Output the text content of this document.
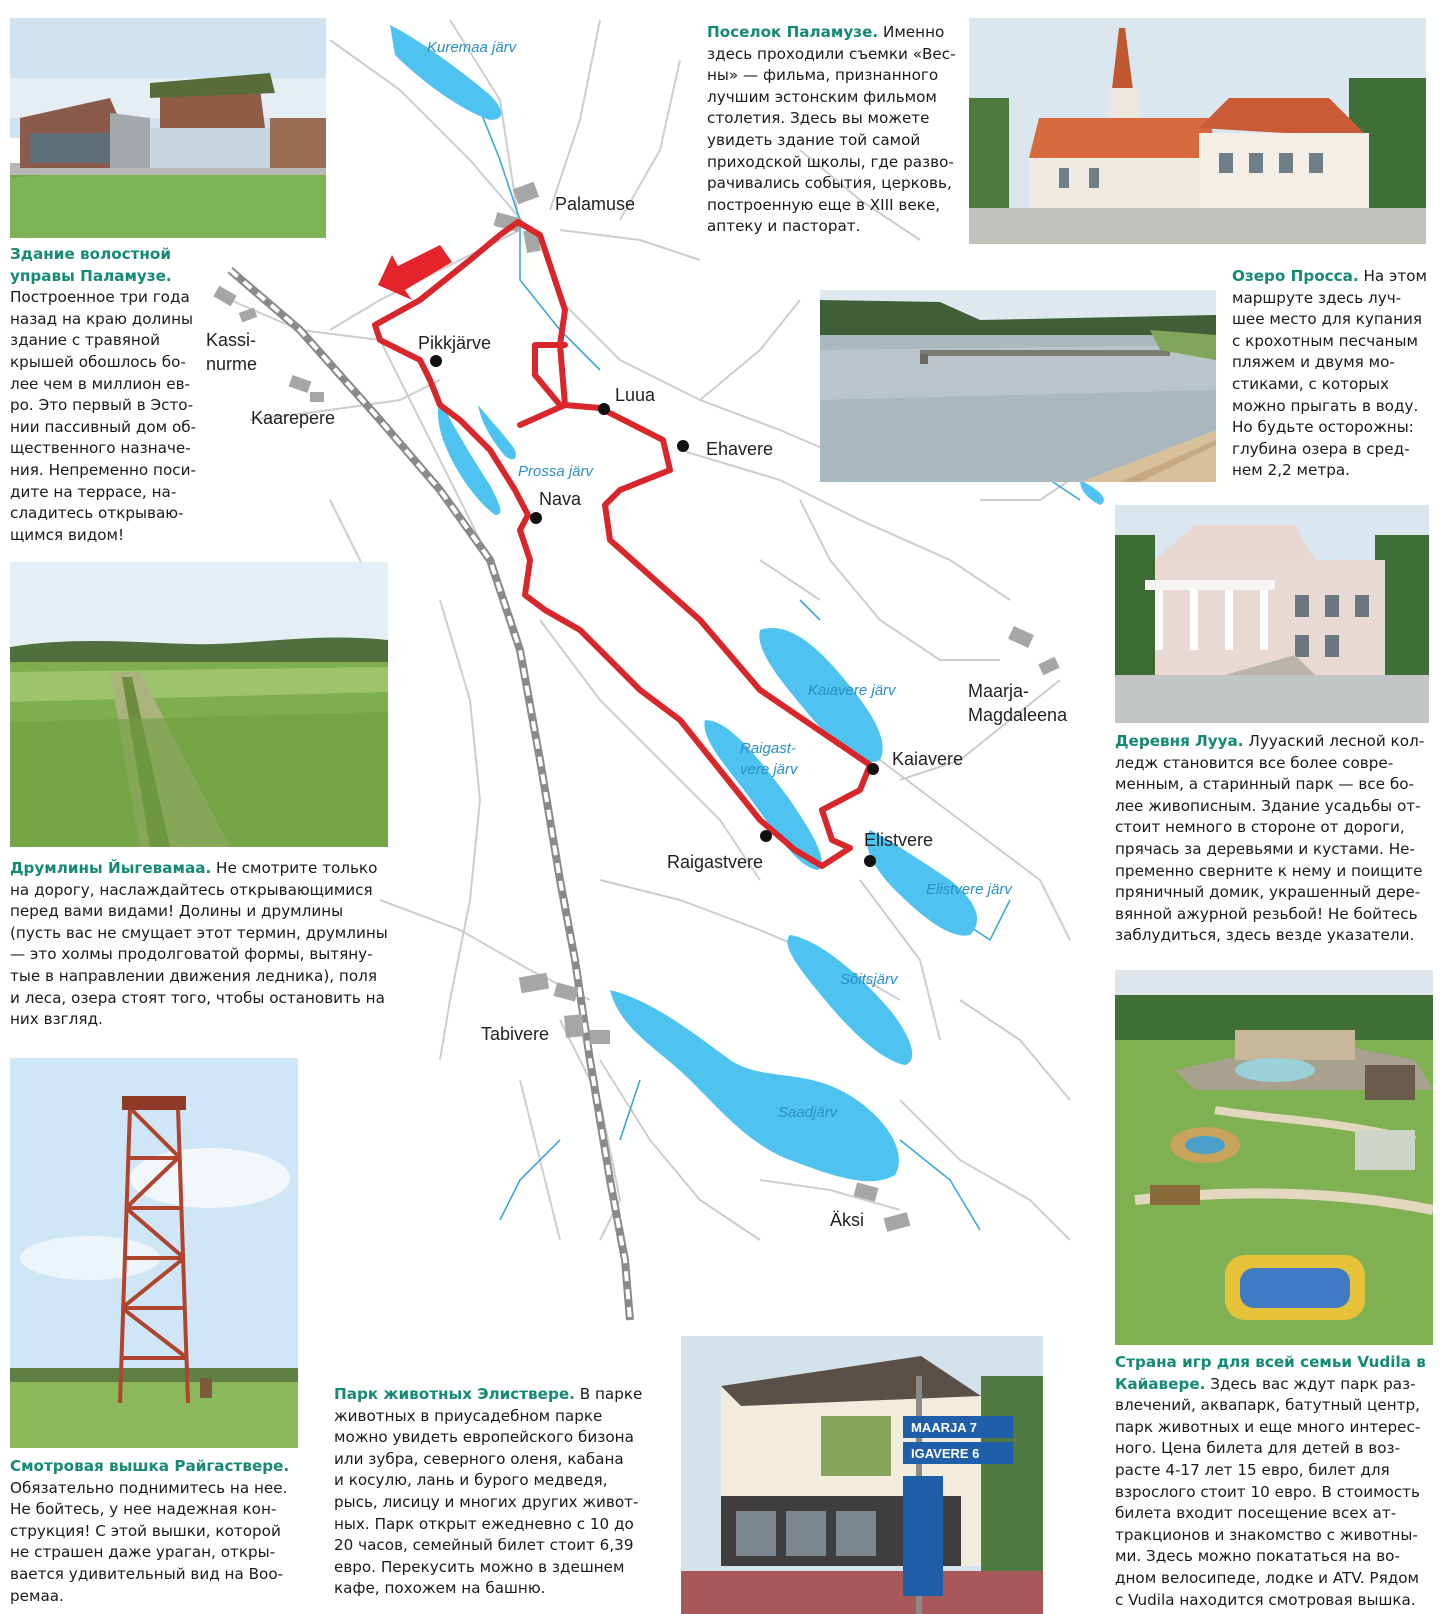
Palamuse
Kassi-
nurme
Kaarepere
Pikkjärve
Luua
Ehavere
Nava
Maarja-
Magdaleena
Kaiavere
Elistvere
Raigastvere
Tabivere
Äksi
Kuremaa järv
Prossa järv
Kaiavere järv
Raigast-
vere järv
Elistvere järv
Sõitsjärv
Saadjärv
MAARJA 7
IGAVERE 6
Здание волостной
управы Паламузе.
Построенное три года
назад на краю долины
здание с травяной
крышей обошлось бо-
лее чем в миллион ев-
ро. Это первый в Эсто-
нии пассивный дом об-
щественного назначе-
ния. Непременно поси-
дите на террасе, на-
сладитесь открываю-
щимся видом!
Друмлины Йыгевамаа. Не смотрите только
на дорогу, наслаждайтесь открывающимися
перед вами видами! Долины и друмлины
(пусть вас не смущает этот термин, друмлины
— это холмы продолговатой формы, вытяну-
тые в направлении движения ледника), поля
и леса, озера стоят того, чтобы остановить на
них взгляд.
Смотровая вышка Райгаствере.
Обязательно поднимитесь на нее.
Не бойтесь, у нее надежная кон-
струкция! С этой вышки, которой
не страшен даже ураган, откры-
вается удивительный вид на Воо-
ремаа.
Поселок Паламузе. Именно
здесь проходили съемки «Вес-
ны» — фильма, признанного
лучшим эстонским фильмом
столетия. Здесь вы можете
увидеть здание той самой
приходской школы, где разво-
рачивались события, церковь,
построенную еще в XIII веке,
аптеку и пасторат.
Озеро Просса. На этом
маршруте здесь луч-
шее место для купания
с крохотным песчаным
пляжем и двумя мо-
стиками, с которых
можно прыгать в воду.
Но будьте осторожны:
глубина озера в сред-
нем 2,2 метра.
Деревня Лууа. Лууаский лесной кол-
ледж становится все более совре-
менным, а старинный парк — все бо-
лее живописным. Здание усадьбы от-
стоит немного в стороне от дороги,
прячась за деревьями и кустами. Не-
пременно сверните к нему и поищите
пряничный домик, украшенный дере-
вянной ажурной резьбой! Не бойтесь
заблудиться, здесь везде указатели.
Парк животных Элиствере. В парке
животных в приусадебном парке
можно увидеть европейского бизона
или зубра, северного оленя, кабана
и косулю, лань и бурого медведя,
рысь, лисицу и многих других живот-
ных. Парк открыт ежедневно с 10 до
20 часов, семейный билет стоит 6,39
евро. Перекусить можно в здешнем
кафе, похожем на башню.
Страна игр для всей семьи Vudila в
Кайавере. Здесь вас ждут парк раз-
влечений, аквапарк, батутный центр,
парк животных и еще много интерес-
ного. Цена билета для детей в воз-
расте 4-17 лет 15 евро, билет для
взрослого стоит 10 евро. В стоимость
билета входит посещение всех ат-
тракционов и знакомство с животны-
ми. Здесь можно покататься на во-
дном велосипеде, лодке и ATV. Рядом
с Vudila находится смотровая вышка.
